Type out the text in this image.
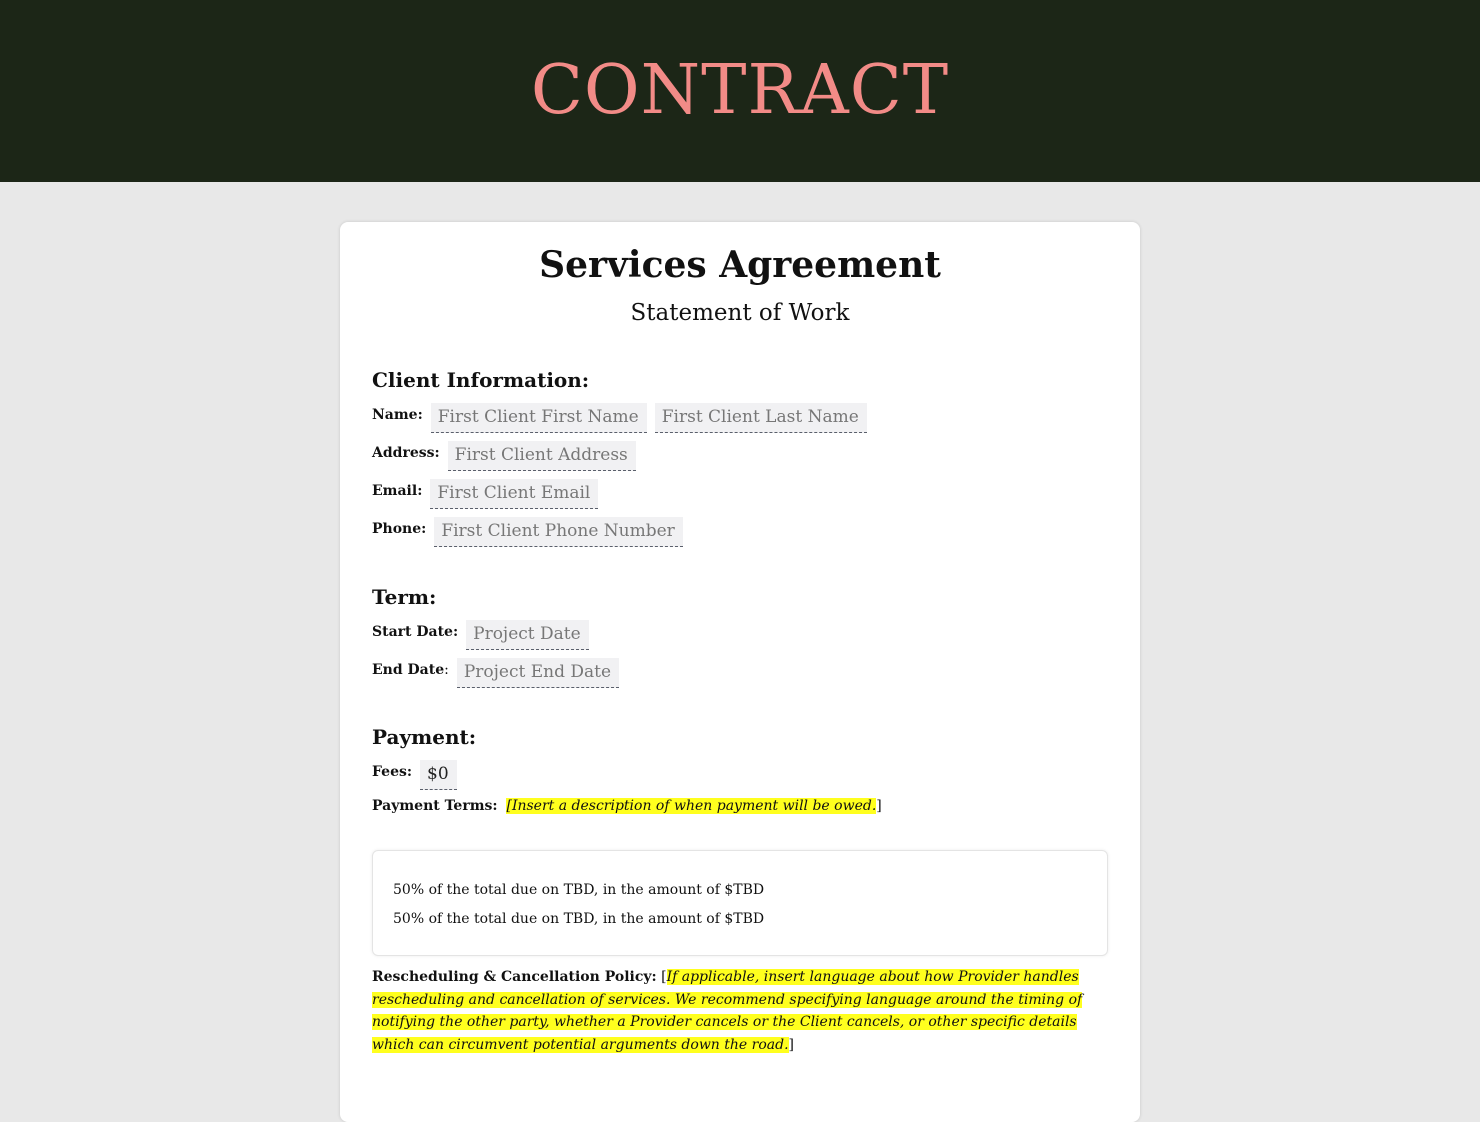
CONTRACT
Services Agreement
Statement of Work
Client Information:
Name: First Client First Name	First Client Last Name
Address: First Client Address
Email: First Client Email
Phone: First Client Phone Number
Term:
Start Date: Project Date
End Date: Project End Date
Payment:
Fees: $0
Payment Terms: [Insert a description of when payment will be owed.]
50% of the total due on TBD, in the amount of $TBD
50% of the total due on TBD, in the amount of $TBD
Rescheduling & Cancellation Policy: [If applicable, insert language about how Provider handles rescheduling and cancellation of services. We recommend specifying language around the timing of notifying the other party, whether a Provider cancels or the Client cancels, or other specific details which can circumvent potential arguments down the road.]
